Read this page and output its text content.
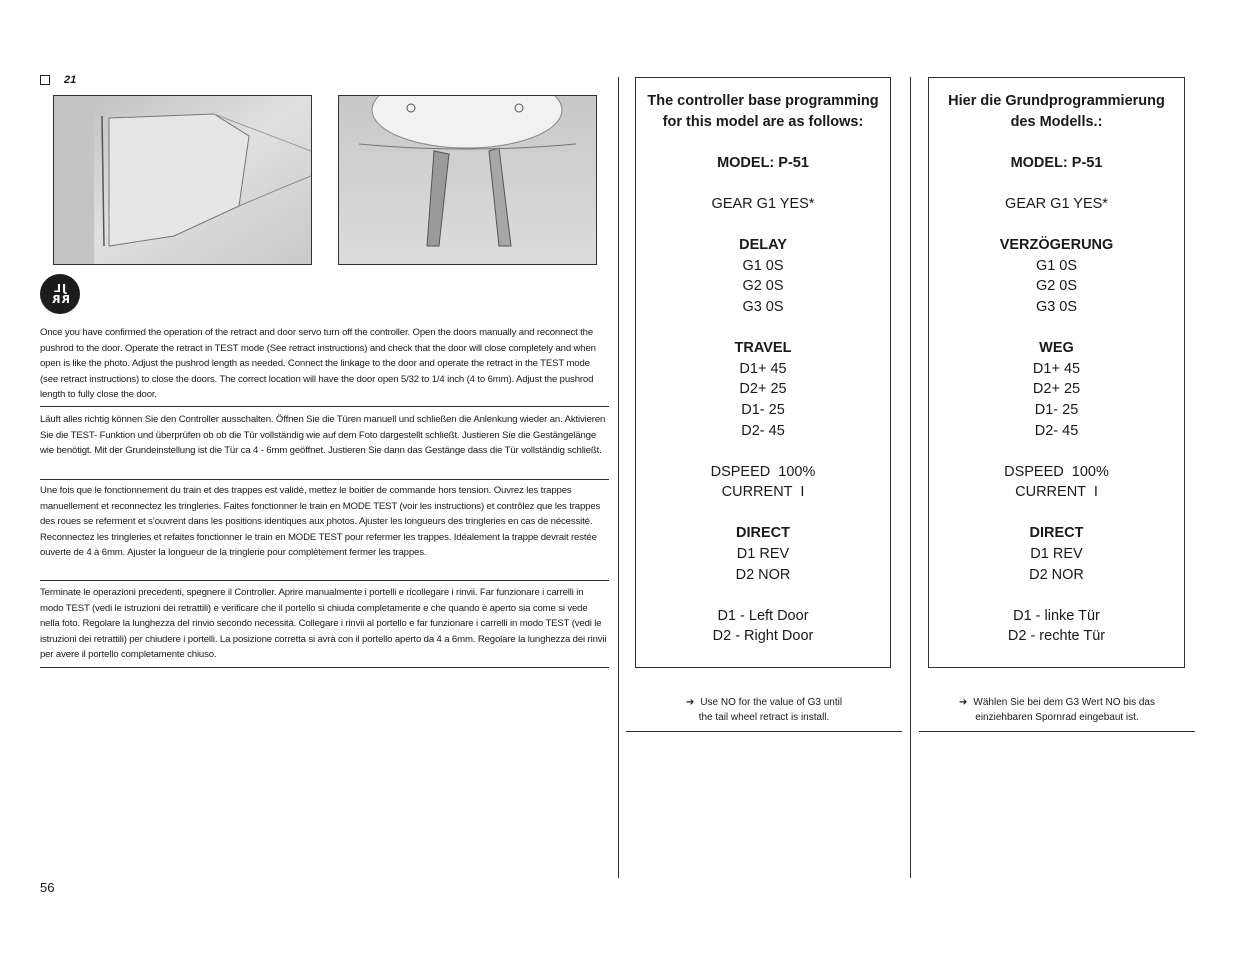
21
JL
RR
Once you have confirmed the operation of the retract and door servo turn off the controller. Open the doors manually and reconnect the pushrod to the door. Operate the retract in TEST mode (See retract instructions) and check that the door will close completely and when open is like the photo. Adjust the pushrod length as needed. Connect the linkage to the door and operate the retract in the TEST mode (see retract instructions) to close the doors. The correct location will have the door open 5/32 to 1/4 inch (4 to 6mm). Adjust the pushrod length to fully close the door.
Läuft alles richtig können Sie den Controller ausschalten. Öffnen Sie die Türen manuell und schließen die Anlenkung wieder an. Aktivieren Sie die TEST- Funktion und überprüfen ob ob die Tür vollständig wie auf dem Foto dargestellt schließt. Justieren Sie die Gestängelänge wie benötigt. Mit der Grundeinstellung ist die Tür ca 4 - 6mm geöffnet. Justieren Sie dann das Gestänge dass die Tür vollständig schließt.
Une fois que le fonctionnement du train et des trappes est validé, mettez le boitier de commande hors tension. Ouvrez les trappes manuellement et reconnectez les tringleries. Faites fonctionner le train en MODE TEST (voir les instructions) et contrôlez que les trappes des roues se referment et s’ouvrent dans les positions identiques aux photos. Ajuster les longueurs des tringleries en cas de nécessité. Reconnectez les tringleries et refaites fonctionner le train en MODE TEST pour refermer les trappes. Idéalement la trappe devrait restée ouverte de 4 à 6mm. Ajuster la longueur de la tringlerie pour complètement fermer les trappes.
Terminate le operazioni precedenti, spegnere il Controller. Aprire manualmente i portelli e ricollegare i rinvii. Far funzionare i carrelli in modo TEST (vedi le istruzioni dei retrattili) e verificare che il portello si chiuda completamente e che quando è aperto sia come si vede nella foto. Regolare la lunghezza del rinvio secondo necessità. Collegare i rinvii al portello e far funzionare i carrelli in modo TEST (vedi le istruzioni dei retrattili) per chiudere i portelli. La posizione corretta si avrà con il portello aperto da 4 a 6mm. Regolare la lunghezza dei rinvii per avere il portello completamente chiuso.
The controller base programming
for this model are as follows:
MODEL: P-51
GEAR G1 YES*
DELAY
G1 0S
G2 0S
G3 0S
TRAVEL
D1+ 45
D2+ 25
D1- 25
D2- 45
DSPEED  100%
CURRENT  I
DIRECT
D1 REV
D2 NOR
D1 - Left Door
D2 - Right Door
Hier die Grundprogrammierung
des Modells.:
MODEL: P-51
GEAR G1 YES*
VERZÖGERUNG
G1 0S
G2 0S
G3 0S
WEG
D1+ 45
D2+ 25
D1- 25
D2- 45
DSPEED  100%
CURRENT  I
DIRECT
D1 REV
D2 NOR
D1 - linke Tür
D2 - rechte Tür
➔ Use NO for the value of G3 until
the tail wheel retract is install.
➔ Wählen Sie bei dem G3 Wert NO bis das
einziehbaren Spornrad eingebaut ist.
56
